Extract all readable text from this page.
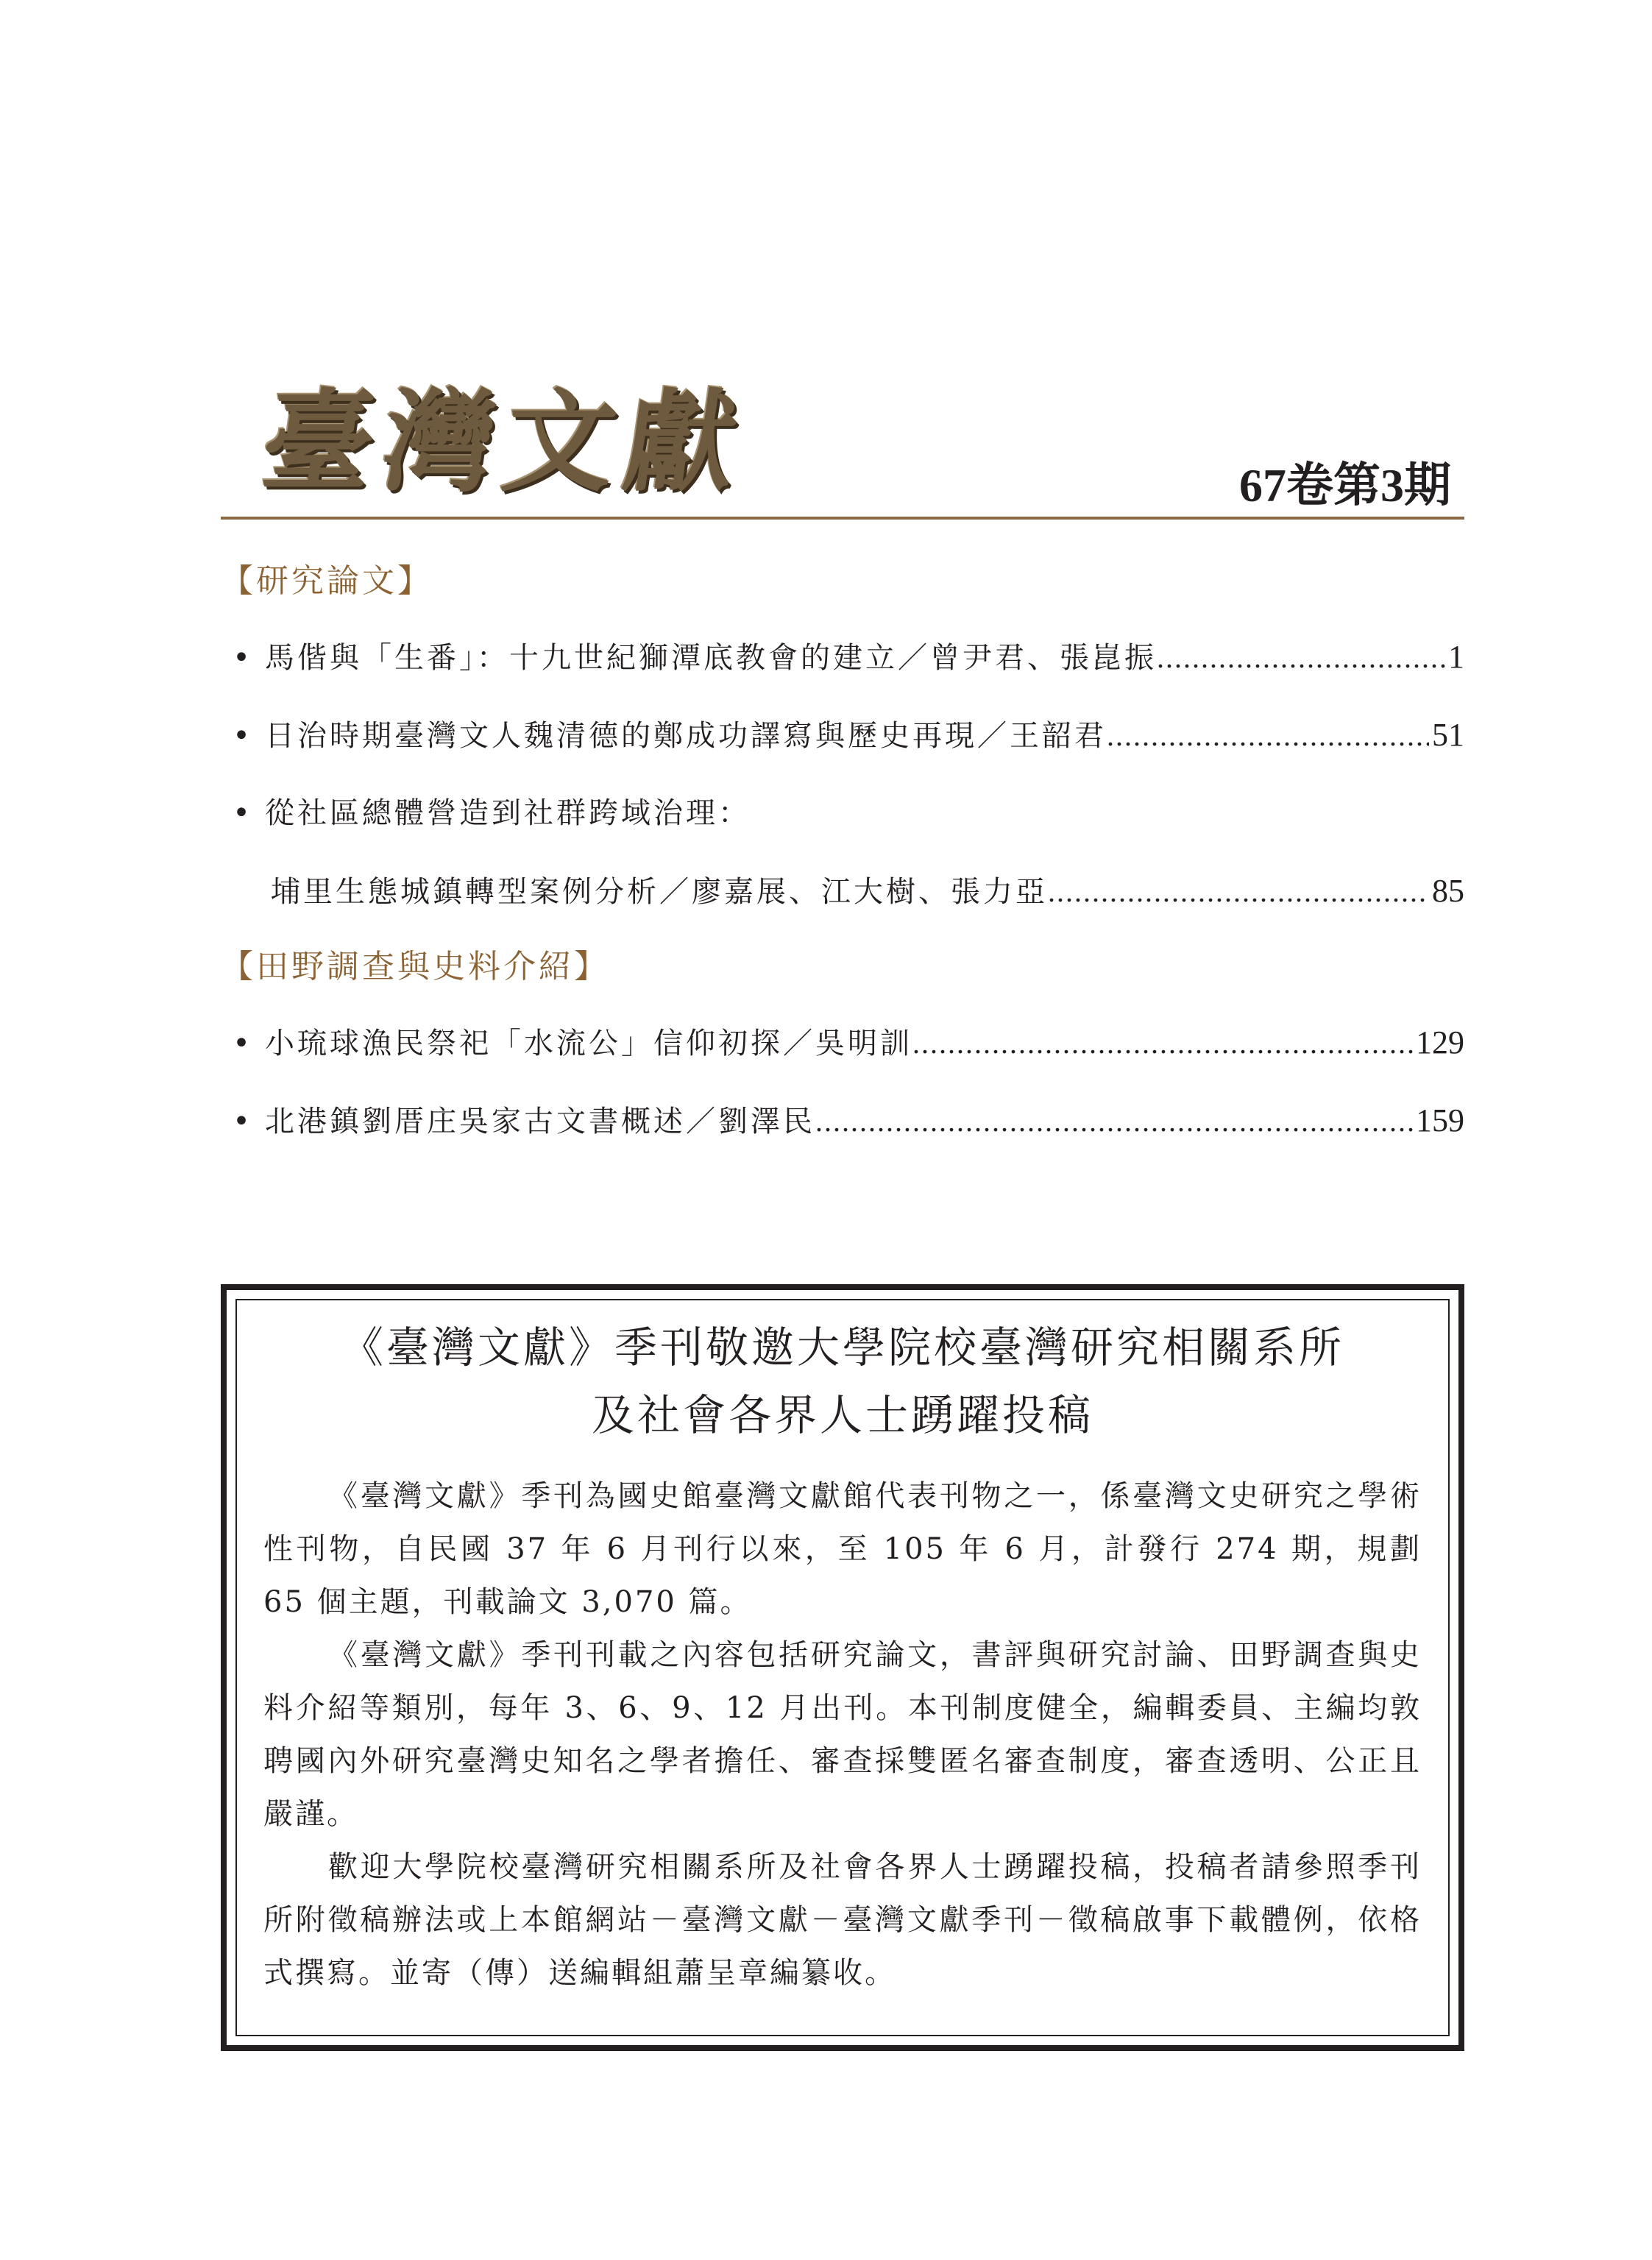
臺灣文獻	67卷第3期
【研究論文】
• 馬偕與「生番」：十九世紀獅潭底教會的建立／曾尹君、張崑振 .....	1
• 日治時期臺灣文人魏清德的鄭成功譯寫與歷史再現／王韶君 .....	51
• 從社區總體營造到社群跨域治理：
埔里生態城鎮轉型案例分析／廖嘉展、江大樹、張力亞 .....	85
【田野調查與史料介紹】
• 小琉球漁民祭祀「水流公」信仰初探／吳明訓 .....	129
• 北港鎮劉厝庄吳家古文書概述／劉澤民 .....	159
《臺灣文獻》季刊敬邀大學院校臺灣研究相關系所
及社會各界人士踴躍投稿

《臺灣文獻》季刊為國史館臺灣文獻館代表刊物之一，係臺灣文史研究之學術性刊物，自民國 37 年 6 月刊行以來，至 105 年 6 月，計發行 274 期，規劃 65 個主題，刊載論文 3,070 篇。

《臺灣文獻》季刊刊載之內容包括研究論文，書評與研究討論、田野調查與史料介紹等類別，每年 3、6、9、12 月出刊。本刊制度健全，編輯委員、主編均敦聘國內外研究臺灣史知名之學者擔任、審查採雙匿名審查制度，審查透明、公正且嚴謹。

歡迎大學院校臺灣研究相關系所及社會各界人士踴躍投稿，投稿者請參照季刊所附徵稿辦法或上本館網站－臺灣文獻－臺灣文獻季刊－徵稿啟事下載體例，依格式撰寫。並寄（傳）送編輯組蕭呈章編纂收。
